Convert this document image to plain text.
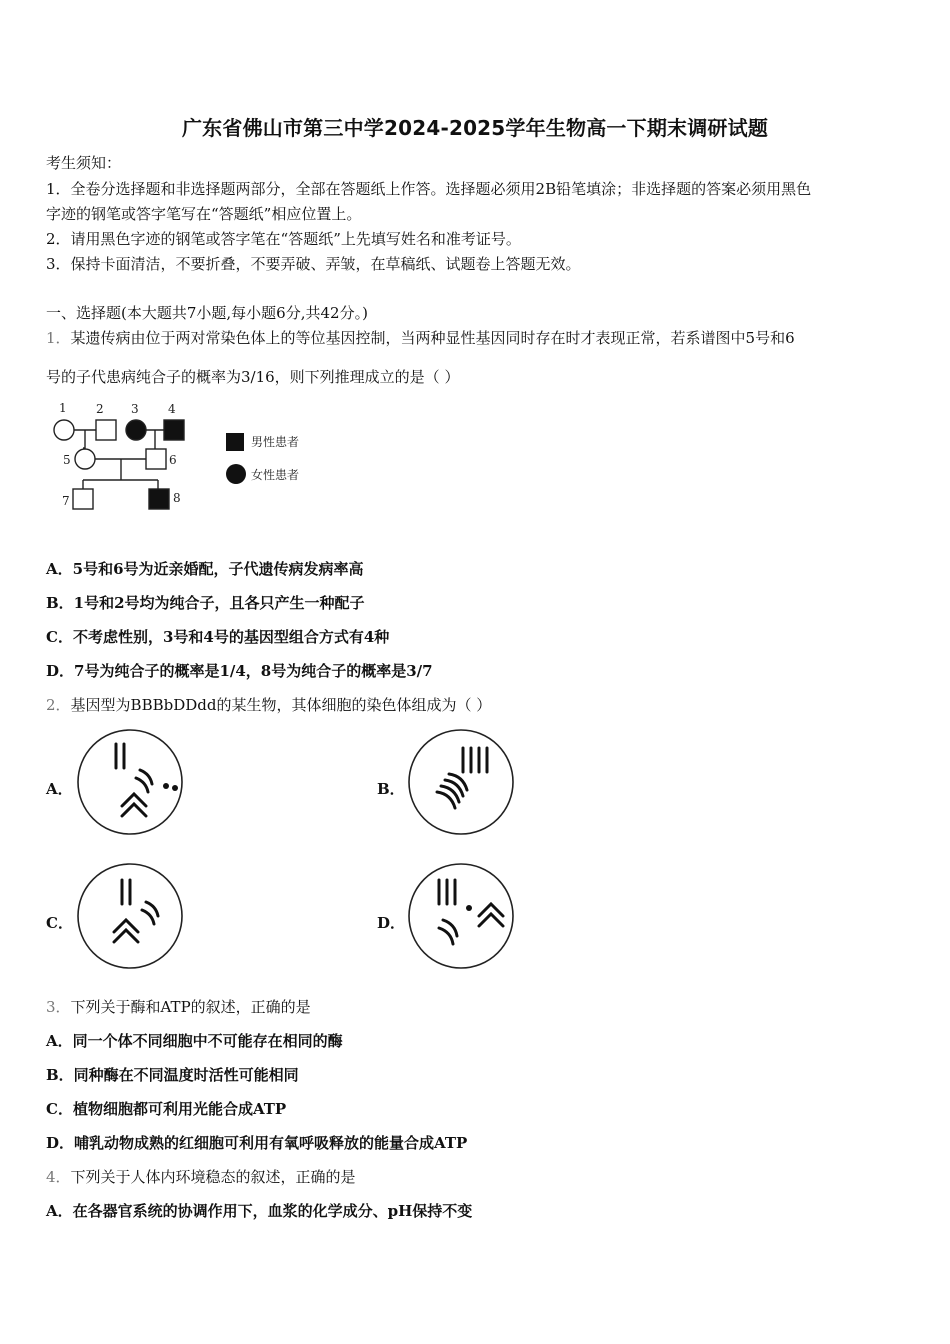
广东省佛山市第三中学2024-2025学年生物高一下期末调研试题
考生须知：
1．全卷分选择题和非选择题两部分，全部在答题纸上作答。选择题必须用2B铅笔填涂；非选择题的答案必须用黑色
字迹的钢笔或答字笔写在“答题纸”相应位置上。
2．请用黑色字迹的钢笔或答字笔在“答题纸”上先填写姓名和准考证号。
3．保持卡面清洁，不要折叠，不要弄破、弄皱，在草稿纸、试题卷上答题无效。
一、选择题(本大题共7小题,每小题6分,共42分。)
1．某遗传病由位于两对常染色体上的等位基因控制，当两种显性基因同时存在时才表现正常，若系谱图中5号和6
号的子代患病纯合子的概率为3/16，则下列推理成立的是（ ）
1 2 3 4
5	6
7	8
男性患者
女性患者
A．5号和6号为近亲婚配，子代遗传病发病率高
B．1号和2号均为纯合子，且各只产生一种配子
C．不考虑性别，3号和4号的基因型组合方式有4种
D．7号为纯合子的概率是1/4，8号为纯合子的概率是3/7
2．基因型为BBBbDDdd的某生物，其体细胞的染色体组成为（ ）
A．	B．
C．	D．
3．下列关于酶和ATP的叙述，正确的是
A．同一个体不同细胞中不可能存在相同的酶
B．同种酶在不同温度时活性可能相同
C．植物细胞都可利用光能合成ATP
D．哺乳动物成熟的红细胞可利用有氧呼吸释放的能量合成ATP
4．下列关于人体内环境稳态的叙述，正确的是
A．在各器官系统的协调作用下，血浆的化学成分、pH保持不变
